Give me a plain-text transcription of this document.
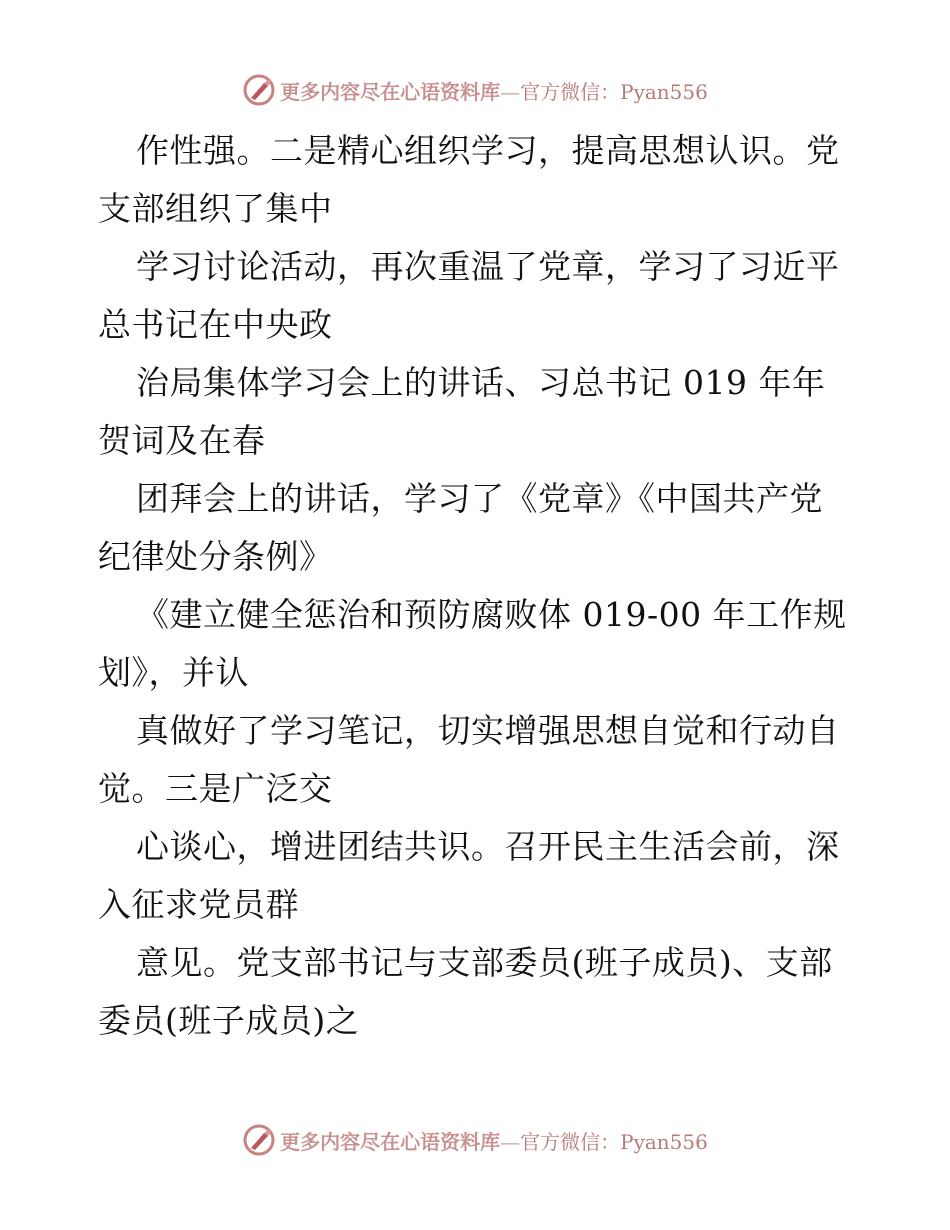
更多内容尽在心语资料库—官方微信：Pyan556
作性强。二是精心组织学习，提高思想认识。党
支部组织了集中
学习讨论活动，再次重温了党章，学习了习近平
总书记在中央政
治局集体学习会上的讲话、习总书记 019 年年
贺词及在春
团拜会上的讲话，学习了《党章》《中国共产党
纪律处分条例》
《建立健全惩治和预防腐败体 019-00 年工作规
划》，并认
真做好了学习笔记，切实增强思想自觉和行动自
觉。三是广泛交
心谈心，增进团结共识。召开民主生活会前，深
入征求党员群
意见。党支部书记与支部委员(班子成员)、支部
委员(班子成员)之
更多内容尽在心语资料库—官方微信：Pyan556
